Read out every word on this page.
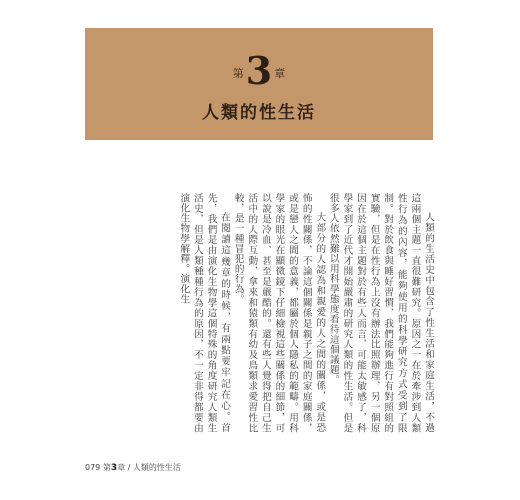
$^第$3 $^章$
人類的性生活

人類的生活史中包含了性生活和家庭生活，不過這兩個主題一直很難研究。原因之一在於牽涉到人類性行為的內容，能夠使用的科學研究方式受到了限制。對於飲食與睡好習慣，我們能夠進行有對照組的實驗，但是在性行為上沒有辦法比照辦理，另一個原因在於這個主題對於有些人而言，可能太敏感了，科學家到了近代才開始嚴肅的研究人類的性生活。但是很多人依然難以用科學態度看待這個議題。

大部分的人認為和親愛的人之間的關係，或是恐怖的性關係，不論這個關係是親子之間的家庭關係，或是戀人之間的意義，都屬於個人隱私的範疇。用科學家的眼光在顯微鏡下仔細檢視這些關係的細節，可以說是冷血、甚至是嚴酷的。還有些人覺得把自己生活中的人際互動，拿來和猿類有幼及鳥類求愛習性比較，是一種冒犯的行為。

在閱讀這幾章的時候，有兩點要牢記在心。首先，我們是由演化生物學這個特殊的角度研究人類生活史，但是人類種種行為的原因，不一定非得都要由演化生物學解釋。演化生

079 第3章 / 人類的性生活
